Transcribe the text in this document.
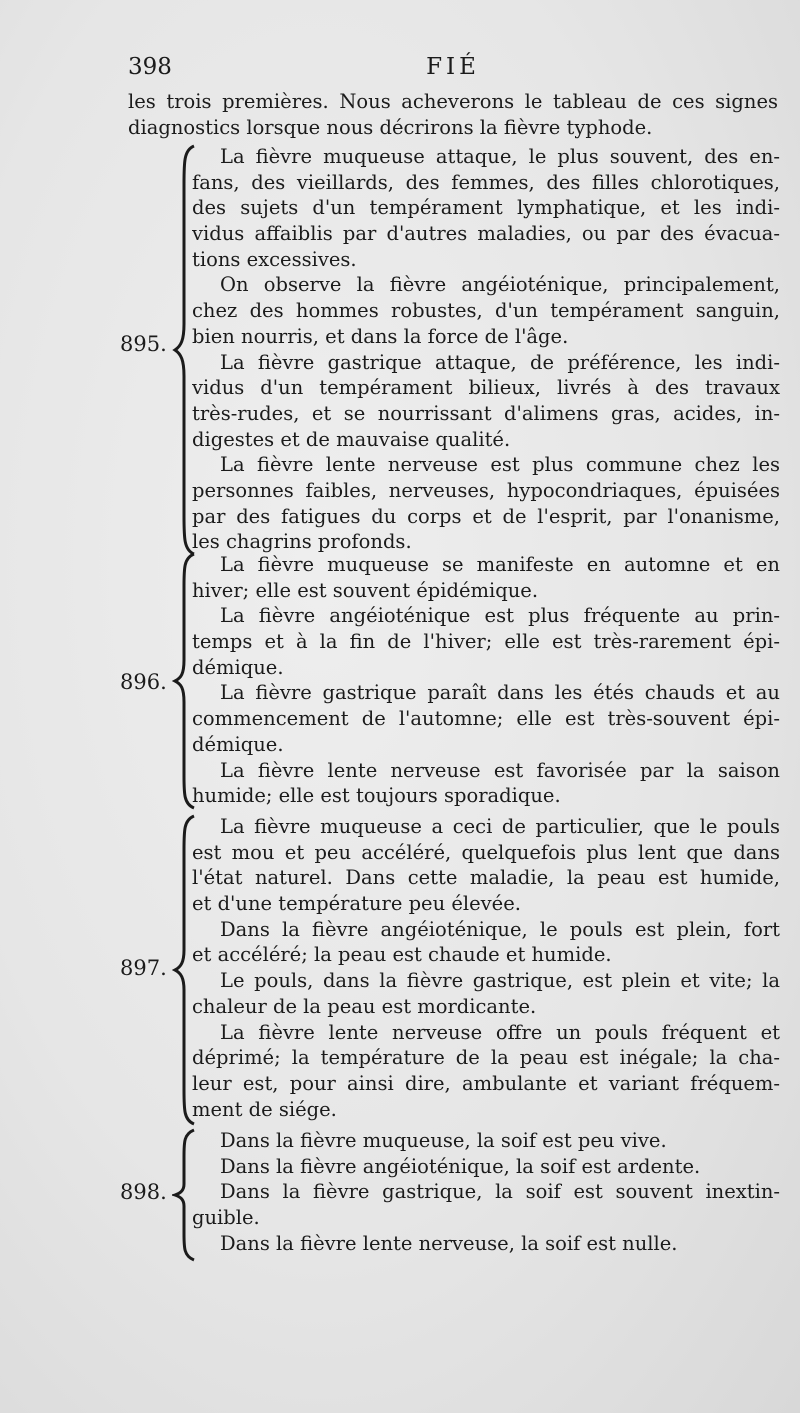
398	FIÉ
les trois premières. Nous acheverons le tableau de ces signes
diagnostics lorsque nous décrirons la fièvre typhode.
895.
La fièvre muqueuse attaque, le plus souvent, des en-
fans, des vieillards, des femmes, des filles chlorotiques,
des sujets d'un tempérament lymphatique, et les indi-
vidus affaiblis par d'autres maladies, ou par des évacua-
tions excessives.
On observe la fièvre angéioténique, principalement,
chez des hommes robustes, d'un tempérament sanguin,
bien nourris, et dans la force de l'âge.
La fièvre gastrique attaque, de préférence, les indi-
vidus d'un tempérament bilieux, livrés à des travaux
très-rudes, et se nourrissant d'alimens gras, acides, in-
digestes et de mauvaise qualité.
La fièvre lente nerveuse est plus commune chez les
personnes faibles, nerveuses, hypocondriaques, épuisées
par des fatigues du corps et de l'esprit, par l'onanisme,
les chagrins profonds.
896.
La fièvre muqueuse se manifeste en automne et en
hiver; elle est souvent épidémique.
La fièvre angéioténique est plus fréquente au prin-
temps et à la fin de l'hiver; elle est très-rarement épi-
démique.
La fièvre gastrique paraît dans les étés chauds et au
commencement de l'automne; elle est très-souvent épi-
démique.
La fièvre lente nerveuse est favorisée par la saison
humide; elle est toujours sporadique.
897.
La fièvre muqueuse a ceci de particulier, que le pouls
est mou et peu accéléré, quelquefois plus lent que dans
l'état naturel. Dans cette maladie, la peau est humide,
et d'une température peu élevée.
Dans la fièvre angéioténique, le pouls est plein, fort
et accéléré; la peau est chaude et humide.
Le pouls, dans la fièvre gastrique, est plein et vite; la
chaleur de la peau est mordicante.
La fièvre lente nerveuse offre un pouls fréquent et
déprimé; la température de la peau est inégale; la cha-
leur est, pour ainsi dire, ambulante et variant fréquem-
ment de siége.
898.
Dans la fièvre muqueuse, la soif est peu vive.
Dans la fièvre angéioténique, la soif est ardente.
Dans la fièvre gastrique, la soif est souvent inextin-
guible.
Dans la fièvre lente nerveuse, la soif est nulle.
